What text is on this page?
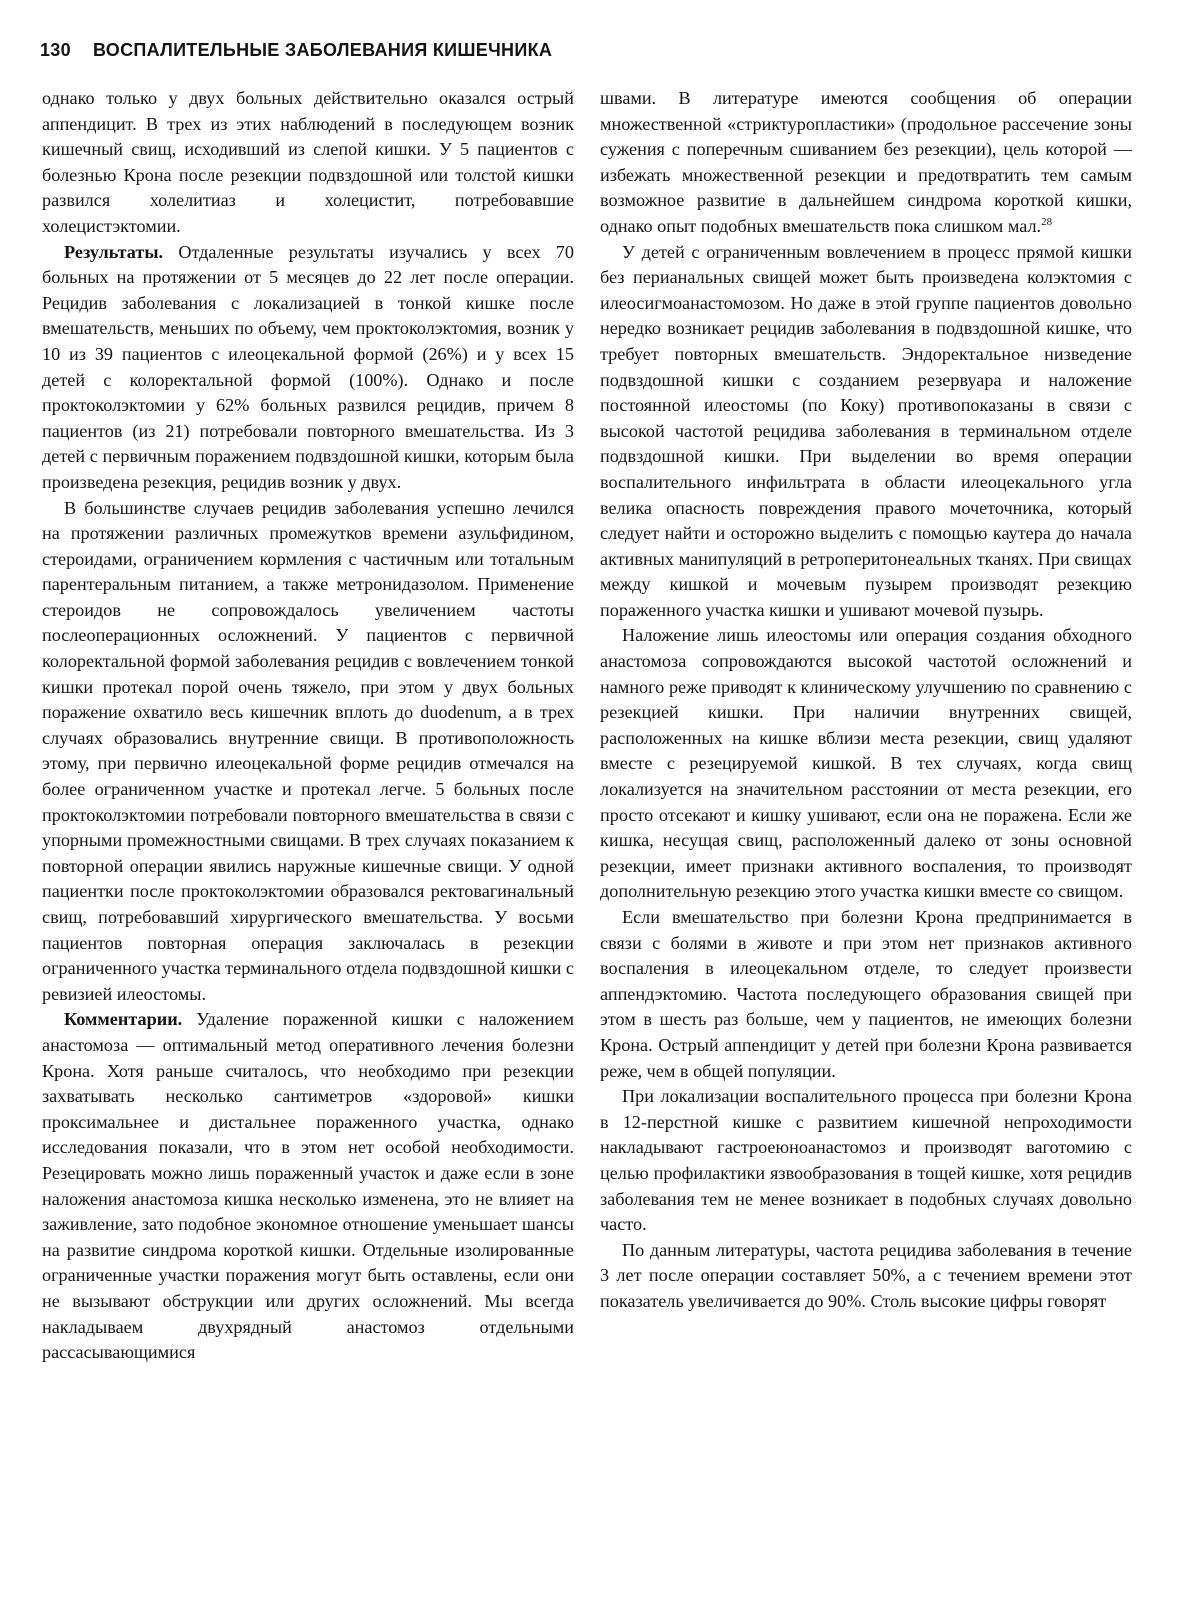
130 ВОСПАЛИТЕЛЬНЫЕ ЗАБОЛЕВАНИЯ КИШЕЧНИКА

однако только у двух больных действительно оказался острый аппендицит. В трех из этих наблюдений в последующем возник кишечный свищ, исходивший из слепой кишки. У 5 пациентов с болезнью Крона после резекции подвздошной или толстой кишки развился холелитиаз и холецистит, потребовавшие холецистэктомии.

Результаты. Отдаленные результаты изучались у всех 70 больных на протяжении от 5 месяцев до 22 лет после операции. Рецидив заболевания с локализацией в тонкой кишке после вмешательств, меньших по объему, чем проктоколэктомия, возник у 10 из 39 пациентов с илеоцекальной формой (26%) и у всех 15 детей с колоректальной формой (100%). Однако и после проктоколэктомии у 62% больных развился рецидив, причем 8 пациентов (из 21) потребовали повторного вмешательства. Из 3 детей с первичным поражением подвздошной кишки, которым была произведена резекция, рецидив возник у двух.

В большинстве случаев рецидив заболевания успешно лечился на протяжении различных промежутков времени азульфидином, стероидами, ограничением кормления с частичным или тотальным парентеральным питанием, а также метронидазолом. Применение стероидов не сопровождалось увеличением частоты послеоперационных осложнений. У пациентов с первичной колоректальной формой заболевания рецидив с вовлечением тонкой кишки протекал порой очень тяжело, при этом у двух больных поражение охватило весь кишечник вплоть до duodenum, а в трех случаях образовались внутренние свищи. В противоположность этому, при первично илеоцекальной форме рецидив отмечался на более ограниченном участке и протекал легче. 5 больных после проктоколэктомии потребовали повторного вмешательства в связи с упорными промежностными свищами. В трех случаях показанием к повторной операции явились наружные кишечные свищи. У одной пациентки после проктоколэктомии образовался ректовагинальный свищ, потребовавший хирургического вмешательства. У восьми пациентов повторная операция заключалась в резекции ограниченного участка терминального отдела подвздошной кишки с ревизией илеостомы.

Комментарии. Удаление пораженной кишки с наложением анастомоза — оптимальный метод оперативного лечения болезни Крона. Хотя раньше считалось, что необходимо при резекции захватывать несколько сантиметров «здоровой» кишки проксимальнее и дистальнее пораженного участка, однако исследования показали, что в этом нет особой необходимости. Резецировать можно лишь пораженный участок и даже если в зоне наложения анастомоза кишка несколько изменена, это не влияет на заживление, зато подобное экономное отношение уменьшает шансы на развитие синдрома короткой кишки. Отдельные изолированные ограниченные участки поражения могут быть оставлены, если они не вызывают обструкции или других осложнений. Мы всегда накладываем двухрядный анастомоз отдельными рассасывающимися

швами. В литературе имеются сообщения об операции множественной «стриктуропластики» (продольное рассечение зоны сужения с поперечным сшиванием без резекции), цель которой — избежать множественной резекции и предотвратить тем самым возможное развитие в дальнейшем синдрома короткой кишки, однако опыт подобных вмешательств пока слишком мал.$^{28}$

У детей с ограниченным вовлечением в процесс прямой кишки без перианальных свищей может быть произведена колэктомия с илеосигмоанастомозом. Но даже в этой группе пациентов довольно нередко возникает рецидив заболевания в подвздошной кишке, что требует повторных вмешательств. Эндоректальное низведение подвздошной кишки с созданием резервуара и наложение постоянной илеостомы (по Коку) противопоказаны в связи с высокой частотой рецидива заболевания в терминальном отделе подвздошной кишки. При выделении во время операции воспалительного инфильтрата в области илеоцекального угла велика опасность повреждения правого мочеточника, который следует найти и осторожно выделить с помощью каутера до начала активных манипуляций в ретроперитонеальных тканях. При свищах между кишкой и мочевым пузырем производят резекцию пораженного участка кишки и ушивают мочевой пузырь.

Наложение лишь илеостомы или операция создания обходного анастомоза сопровождаются высокой частотой осложнений и намного реже приводят к клиническому улучшению по сравнению с резекцией кишки. При наличии внутренних свищей, расположенных на кишке вблизи места резекции, свищ удаляют вместе с резецируемой кишкой. В тех случаях, когда свищ локализуется на значительном расстоянии от места резекции, его просто отсекают и кишку ушивают, если она не поражена. Если же кишка, несущая свищ, расположенный далеко от зоны основной резекции, имеет признаки активного воспаления, то производят дополнительную резекцию этого участка кишки вместе со свищом.

Если вмешательство при болезни Крона предпринимается в связи с болями в животе и при этом нет признаков активного воспаления в илеоцекальном отделе, то следует произвести аппендэктомию. Частота последующего образования свищей при этом в шесть раз больше, чем у пациентов, не имеющих болезни Крона. Острый аппендицит у детей при болезни Крона развивается реже, чем в общей популяции.

При локализации воспалительного процесса при болезни Крона в 12-перстной кишке с развитием кишечной непроходимости накладывают гастроеюноанастомоз и производят ваготомию с целью профилактики язвообразования в тощей кишке, хотя рецидив заболевания тем не менее возникает в подобных случаях довольно часто.

По данным литературы, частота рецидива заболевания в течение 3 лет после операции составляет 50%, а с течением времени этот показатель увеличивается до 90%. Столь высокие цифры говорят
